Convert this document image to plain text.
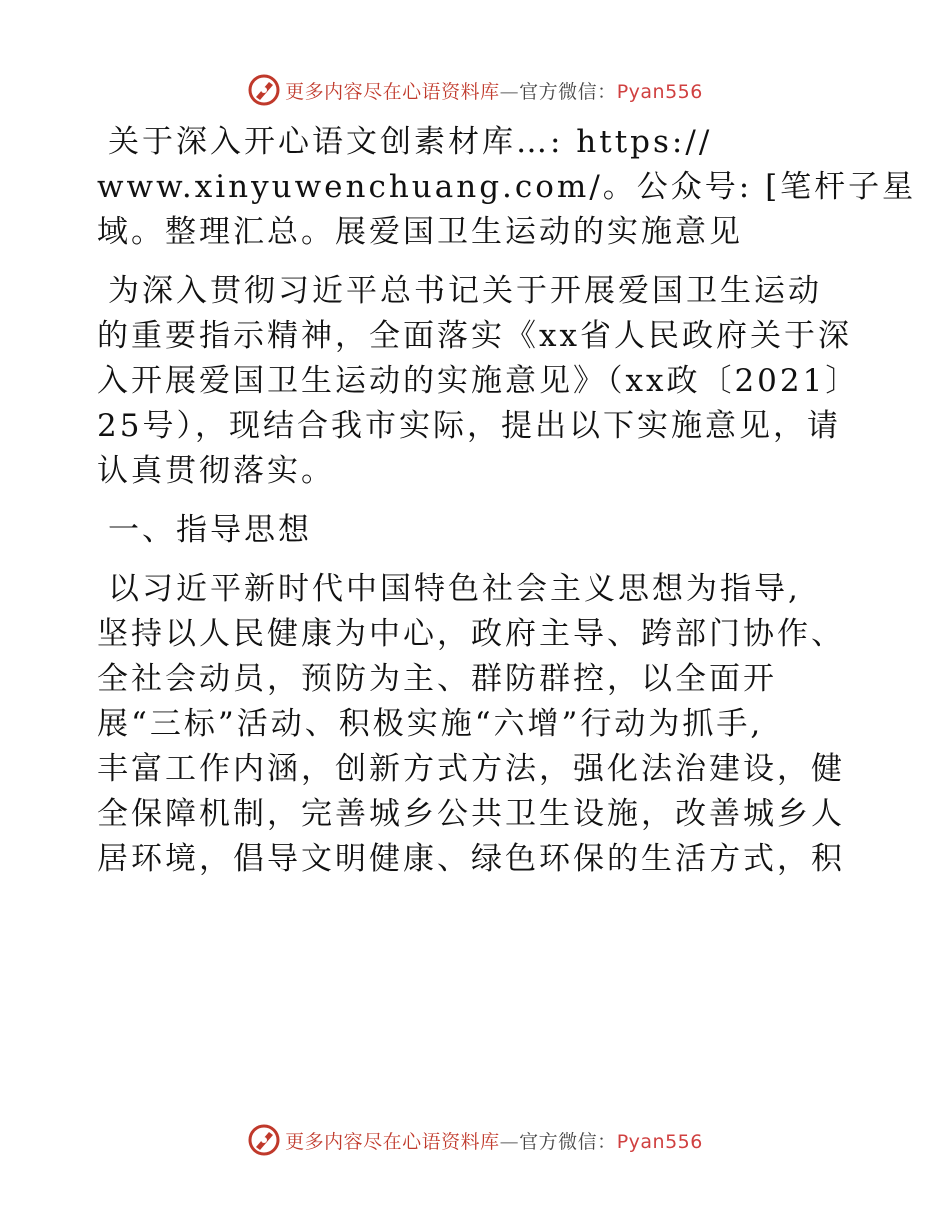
更多内容尽在心语资料库—官方微信：Pyan556
关于深入开心语文创素材库…: https://
www.xinyuwenchuang.com/。公众号: [笔杆子星
域。整理汇总。展爱国卫生运动的实施意见
为深入贯彻习近平总书记关于开展爱国卫生运动
的重要指示精神，全面落实《xx省人民政府关于深
入开展爱国卫生运动的实施意见》（xx政〔2021〕
25号），现结合我市实际，提出以下实施意见，请
认真贯彻落实。
一、指导思想
以习近平新时代中国特色社会主义思想为指导,
坚持以人民健康为中心，政府主导、跨部门协作、
全社会动员，预防为主、群防群控，以全面开
展“三标”活动、积极实施“六增”行动为抓手,
丰富工作内涵，创新方式方法，强化法治建设，健
全保障机制，完善城乡公共卫生设施，改善城乡人
居环境，倡导文明健康、绿色环保的生活方式，积
更多内容尽在心语资料库—官方微信：Pyan556
